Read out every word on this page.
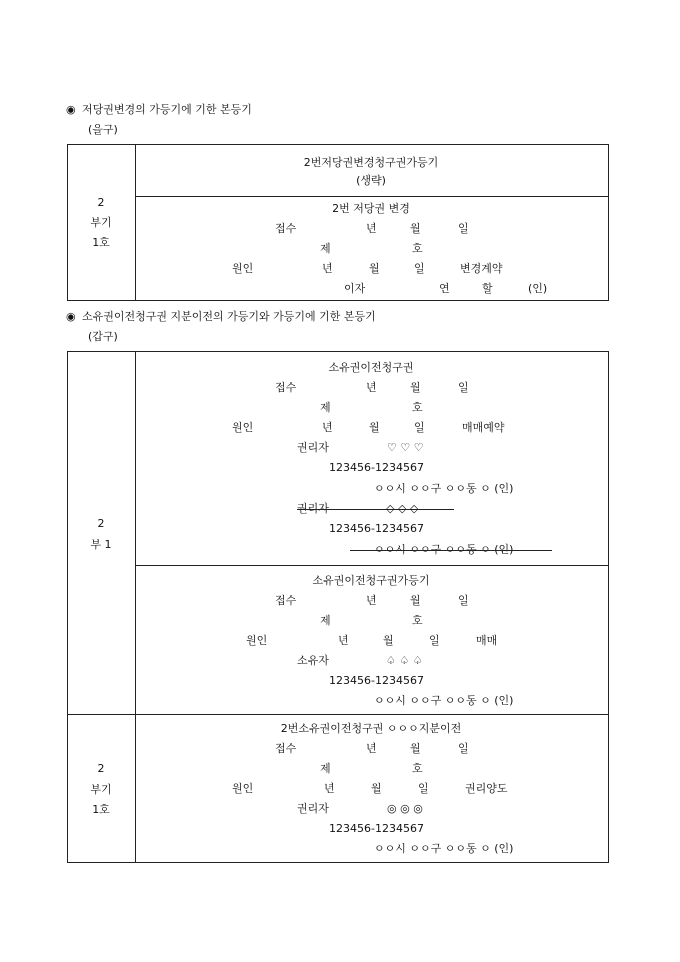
◉ 저당권변경의 가등기에 기한 본등기
(을구)
2
부기
1호
2번저당권변경청구권가등기
(생략)
2번 저당권 변경
접수	년	월	일
제	호
원인	년	월	일	변경계약
이자	연	할	(인)
◉ 소유권이전청구권 지분이전의 가등기와 가등기에 기한 본등기
(갑구)
2
부 1
소유권이전청구권
접수	년	월	일
제	호
원인	년	월	일	매매예약
권리자	♡ ♡ ♡
123456-1234567
ㅇㅇ시 ㅇㅇ구 ㅇㅇ동 ㅇ (인)
권리자	◇ ◇ ◇
123456-1234567
ㅇㅇ시 ㅇㅇ구 ㅇㅇ동 ㅇ (인)
소유권이전청구권가등기
접수	년	월	일
제	호
원인	년	월	일	매매
소유자	♤ ♤ ♤
123456-1234567
ㅇㅇ시 ㅇㅇ구 ㅇㅇ동 ㅇ (인)
2
부기
1호
2번소유권이전청구권 ㅇㅇㅇ지분이전
접수	년	월	일
제	호
원인	년	월	일	권리양도
권리자	◎ ◎ ◎
123456-1234567
ㅇㅇ시 ㅇㅇ구 ㅇㅇ동 ㅇ (인)
